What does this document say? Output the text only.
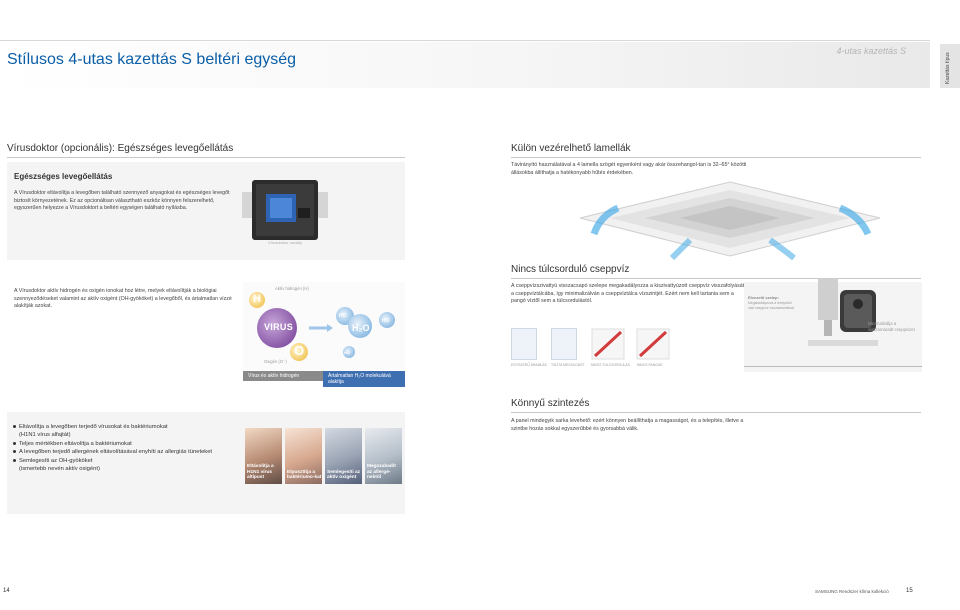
Stílusos 4-utas kazettás S beltéri egység	4-utas kazettás S
Kazettás típus
Vírusdoktor (opcionális): Egészséges levegőellátás
Egészséges levegőellátás
A Vírusdoktor eltávolítja a levegőben található szennyező anyagokat és egészséges levegőt biztosít környezetének. Ez az opcionálisan választható eszköz könnyen felszerelhető, egyszerűen helyezze a Vírusdoktort a beltéri egységen található nyílásba.
Vírusdoktor osztály
A Vírusdoktor aktív hidrogén és oxigén ionokat hoz létre, melyek eltávolítják a biológiai szennyeződéseket valamint az aktív oxigént (OH-gyököket) a levegőből, és ártalmatlan vízzé alakítják azokat.
H
Aktív hidrogén (H)
VIRUS
O
Oxigén (O⁻)
HO
H₂O
HO
HO
Vírus és aktív hidrogén	Ártalmatlan H₂O molekulává alakítja
Eltávolítja a levegőben terjedő vírusokat és baktériumokat
(H1N1 vírus alfajtát)
Teljes mértékben eltávolítja a baktériumokat
A levegőben terjedő allergének eltávolításával enyhíti az allergiás tüneteket
Semlegesíti az OH-gyököket
(ismertebb nevén aktív oxigént)	Eltávolítja a H1N1 vírus altípust
Elpusztítja a baktériumo-kat
Semlegesíti az aktív oxigént
Megszabadít az allergé-nektől
Külön vezérelhető lamellák
Távirányító használatával a 4 lamella szögét egyenként vagy akár összehangol-tan is 32–65° közötti állásokba állíthatja a hatékonyabb hűtés érdekében.
Nincs túlcsorduló cseppvíz
A cseppvízszivattyú visszacsapó szelepe megakadályozza a kiszivattyúzott cseppvíz visszafolyását a cseppvíztálcába, így minimalizálván a cseppvíztálca vízszintjét. Ezért nem kell tartania sem a pangó víztől sem a túlcsordulástól.
EGYSZERŰ ÁRAMLÁS TISZTA MEGOLDÁST NINCS TÚLCSORDULÁS NINCS PANGÁS
Elvezető szelep:
Megakadályozza a lefolyóból való cseppvíz visszaáramlását
Minimalizálja a visszamaradt cseppvizet
Könnyű szintezés
A panel mindegyik sarka levehető: ezért könnyen beállíthatja a magasságot, és a telepítés, illetve a szintbe hozás sokkal egyszerűbbé és gyorsabbá válik.
14	SAMSUNG Rendszer klíma kollekció	15
